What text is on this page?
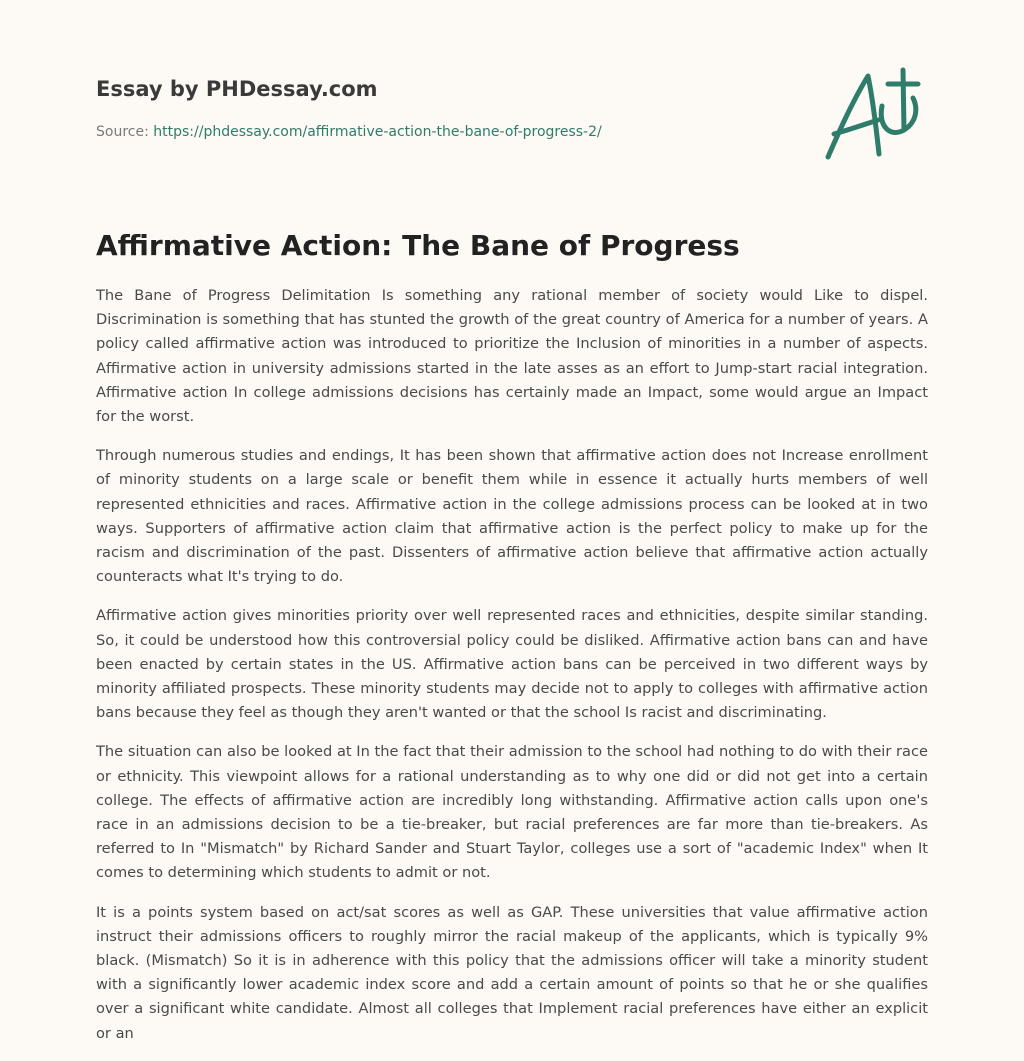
Essay by PHDessay.com
Source: https://phdessay.com/affirmative-action-the-bane-of-progress-2/
Affirmative Action: The Bane of Progress

The Bane of Progress Delimitation Is something any rational member of society would Like to dispel. Discrimination is something that has stunted the growth of the great country of America for a number of years. A policy called affirmative action was introduced to prioritize the Inclusion of minorities in a number of aspects. Affirmative action in university admissions started in the late asses as an effort to Jump-start racial integration. Affirmative action In college admissions decisions has certainly made an Impact, some would argue an Impact for the worst.

Through numerous studies and endings, It has been shown that affirmative action does not Increase enrollment of minority students on a large scale or benefit them while in essence it actually hurts members of well represented ethnicities and races. Affirmative action in the college admissions process can be looked at in two ways. Supporters of affirmative action claim that affirmative action is the perfect policy to make up for the racism and discrimination of the past. Dissenters of affirmative action believe that affirmative action actually counteracts what It's trying to do.

Affirmative action gives minorities priority over well represented races and ethnicities, despite similar standing. So, it could be understood how this controversial policy could be disliked. Affirmative action bans can and have been enacted by certain states in the US. Affirmative action bans can be perceived in two different ways by minority affiliated prospects. These minority students may decide not to apply to colleges with affirmative action bans because they feel as though they aren't wanted or that the school Is racist and discriminating.

The situation can also be looked at In the fact that their admission to the school had nothing to do with their race or ethnicity. This viewpoint allows for a rational understanding as to why one did or did not get into a certain college. The effects of affirmative action are incredibly long withstanding. Affirmative action calls upon one's race in an admissions decision to be a tie-breaker, but racial preferences are far more than tie-breakers. As referred to In "Mismatch" by Richard Sander and Stuart Taylor, colleges use a sort of "academic Index" when It comes to determining which students to admit or not.

It is a points system based on act/sat scores as well as GAP. These universities that value affirmative action instruct their admissions officers to roughly mirror the racial makeup of the applicants, which is typically 9% black. (Mismatch) So it is in adherence with this policy that the admissions officer will take a minority student with a significantly lower academic index score and add a certain amount of points so that he or she qualifies over a significant white candidate. Almost all colleges that Implement racial preferences have either an explicit or an
